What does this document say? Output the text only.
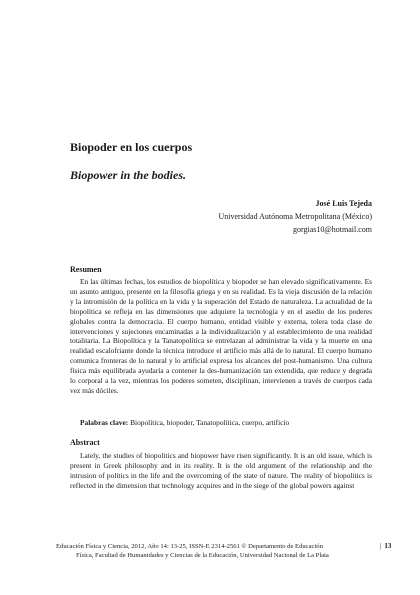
Biopoder en los cuerpos
Biopower in the bodies.
José Luis Tejeda
Universidad Autónoma Metropolitana (México)
gorgias10@hotmail.com
Resumen

En las últimas fechas, los estudios de biopolítica y biopoder se han elevado significativamente. Es un asunto antiguo, presente en la filosofía griega y en su realidad. Es la vieja discusión de la relación y la intromisión de la política en la vida y la superación del Estado de naturaleza. La actualidad de la biopolítica se refleja en las dimensiones que adquiere la tecnología y en el asedio de los poderes globales contra la democracia. El cuerpo humano, entidad visible y externa, tolera toda clase de intervenciones y sujeciones encaminadas a la individualización y al establecimiento de una realidad totalitaria. La Biopolítica y la Tanatopolítica se entrelazan al administrar la vida y la muerte en una realidad escalofriante donde la técnica introduce el artificio más allá de lo natural. El cuerpo humano comunica fronteras de lo natural y lo artificial expresa los alcances del post-humanismo. Una cultura física más equilibrada ayudaría a contener la des-humanización tan extendida, que reduce y degrada lo corporal a la vez, mientras los poderes someten, disciplinan, intervienen a través de cuerpos cada vez más dóciles.

Palabras clave: Biopolítica, biopoder, Tanatopolítica, cuerpo, artificio

Abstract

Lately, the studies of biopolitics and biopower have risen significantly. It is an old issue, which is present in Greek philosophy and in its reality. It is the old argument of the relationship and the intrusion of politics in the life and the overcoming of the state of nature. The reality of biopolitics is reflected in the dimension that technology acquires and in the siege of the global powers against

Educación Física y Ciencia, 2012, Año 14: 13-25, ISSN-E 2314-2561 © Departamento de Educación
Física, Facultad de Humanidades y Ciencias de la Educación, Universidad Nacional de La Plata
| 13
